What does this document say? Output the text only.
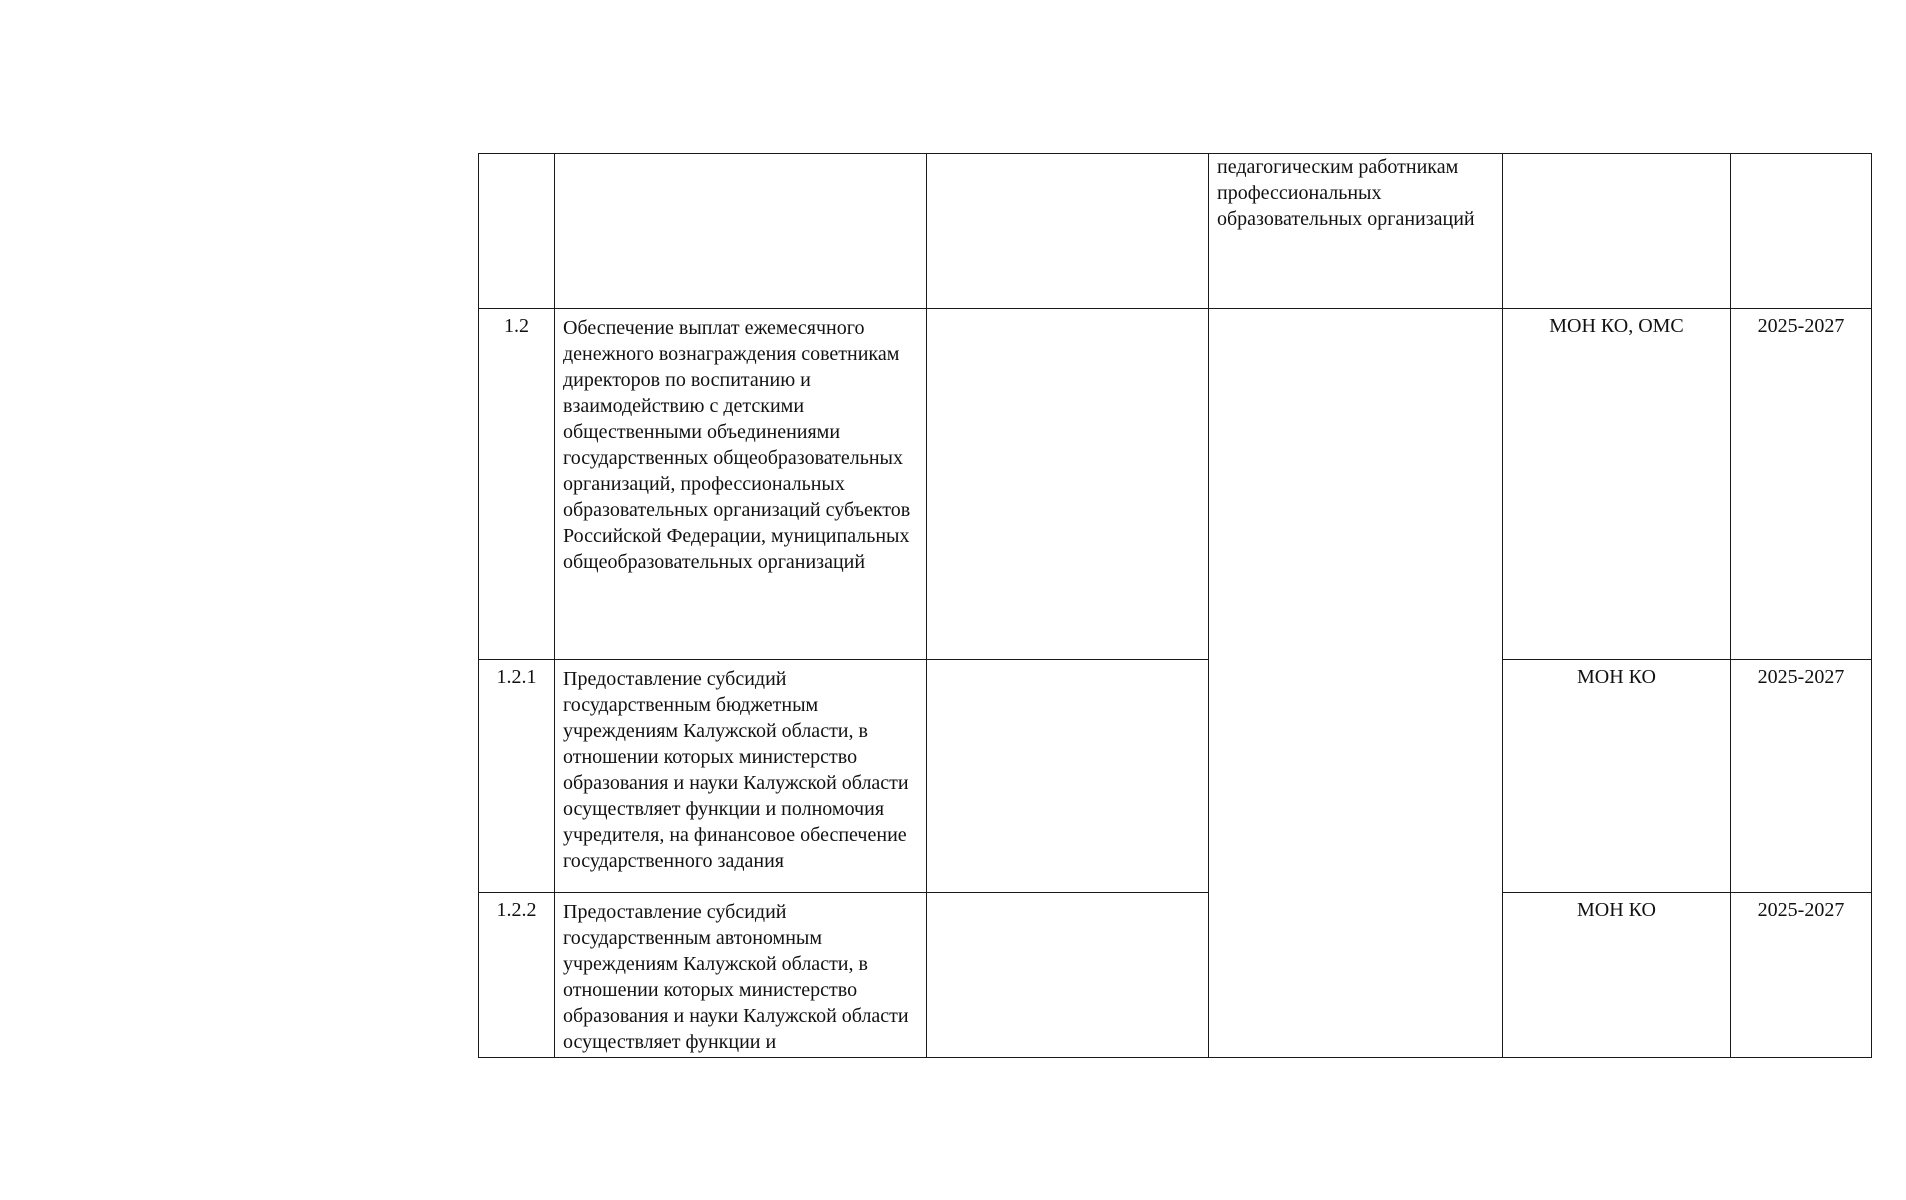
			педагогическим работникам профессиональных образовательных организаций		

1.2	Обеспечение выплат ежемесячного денежного вознаграждения советникам директоров по воспитанию и взаимодействию с детскими общественными объединениями государственных общеобразовательных организаций, профессиональных образовательных организаций субъектов Российской Федерации, муниципальных общеобразовательных организаций			МОН КО, ОМС	2025-2027

1.2.1	Предоставление субсидий государственным бюджетным учреждениям Калужской области, в отношении которых министерство образования и науки Калужской области осуществляет функции и полномочия учредителя, на финансовое обеспечение государственного задания			МОН КО	2025-2027

1.2.2	Предоставление субсидий государственным автономным учреждениям Калужской области, в отношении которых министерство образования и науки Калужской области осуществляет функции и			МОН КО	2025-2027
